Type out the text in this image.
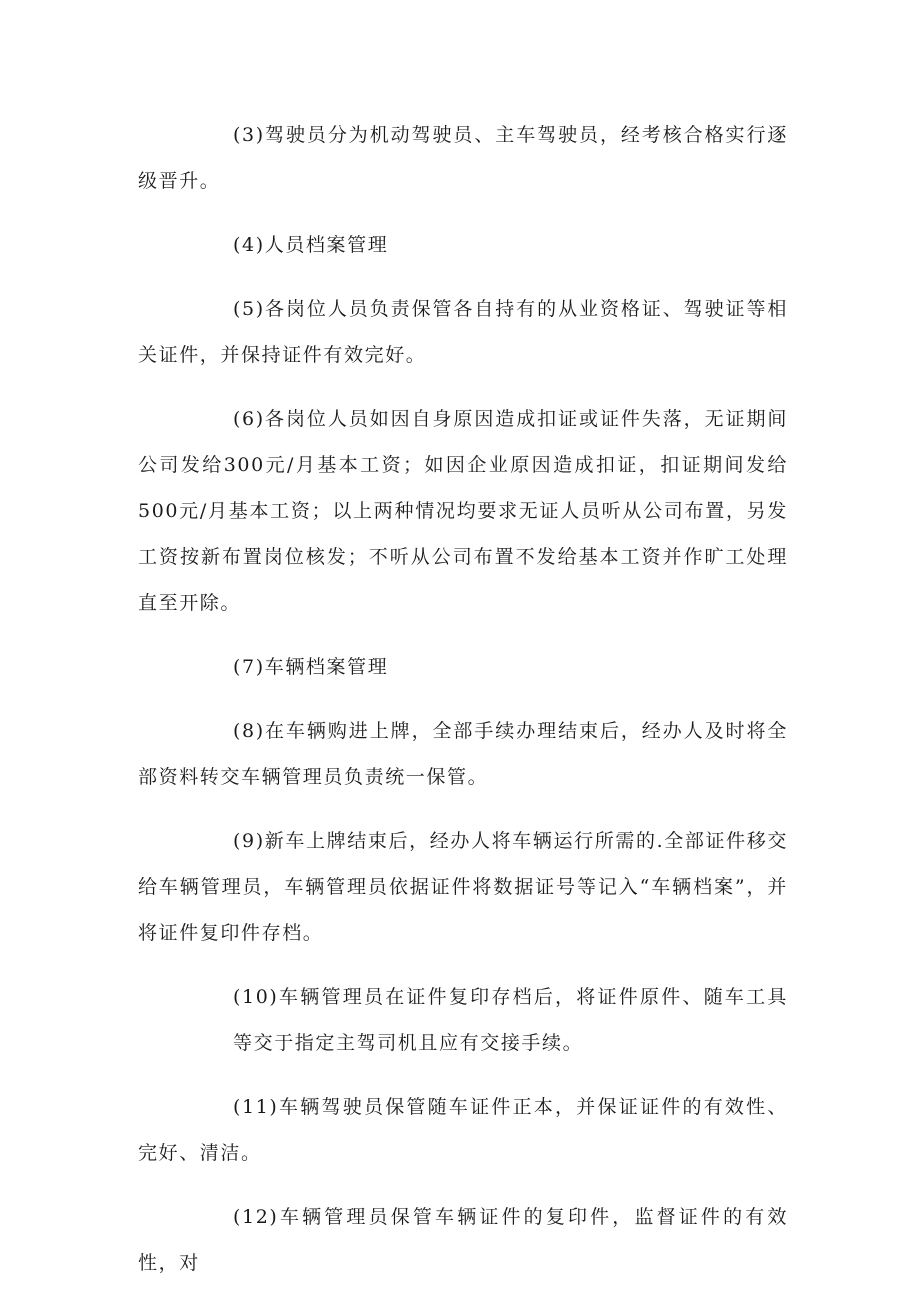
(3)驾驶员分为机动驾驶员、主车驾驶员，经考核合格实行逐级晋升。

(4)人员档案管理

(5)各岗位人员负责保管各自持有的从业资格证、驾驶证等相关证件，并保持证件有效完好。

(6)各岗位人员如因自身原因造成扣证或证件失落，无证期间公司发给300元/月基本工资；如因企业原因造成扣证，扣证期间发给500元/月基本工资；以上两种情况均要求无证人员听从公司布置，另发工资按新布置岗位核发；不听从公司布置不发给基本工资并作旷工处理直至开除。

(7)车辆档案管理

(8)在车辆购进上牌，全部手续办理结束后，经办人及时将全部资料转交车辆管理员负责统一保管。

(9)新车上牌结束后，经办人将车辆运行所需的.全部证件移交给车辆管理员，车辆管理员依据证件将数据证号等记入“车辆档案”，并将证件复印件存档。

(10)车辆管理员在证件复印存档后，将证件原件、随车工具等交于指定主驾司机且应有交接手续。

(11)车辆驾驶员保管随车证件正本，并保证证件的有效性、完好、清洁。

(12)车辆管理员保管车辆证件的复印件，监督证件的有效性，对
